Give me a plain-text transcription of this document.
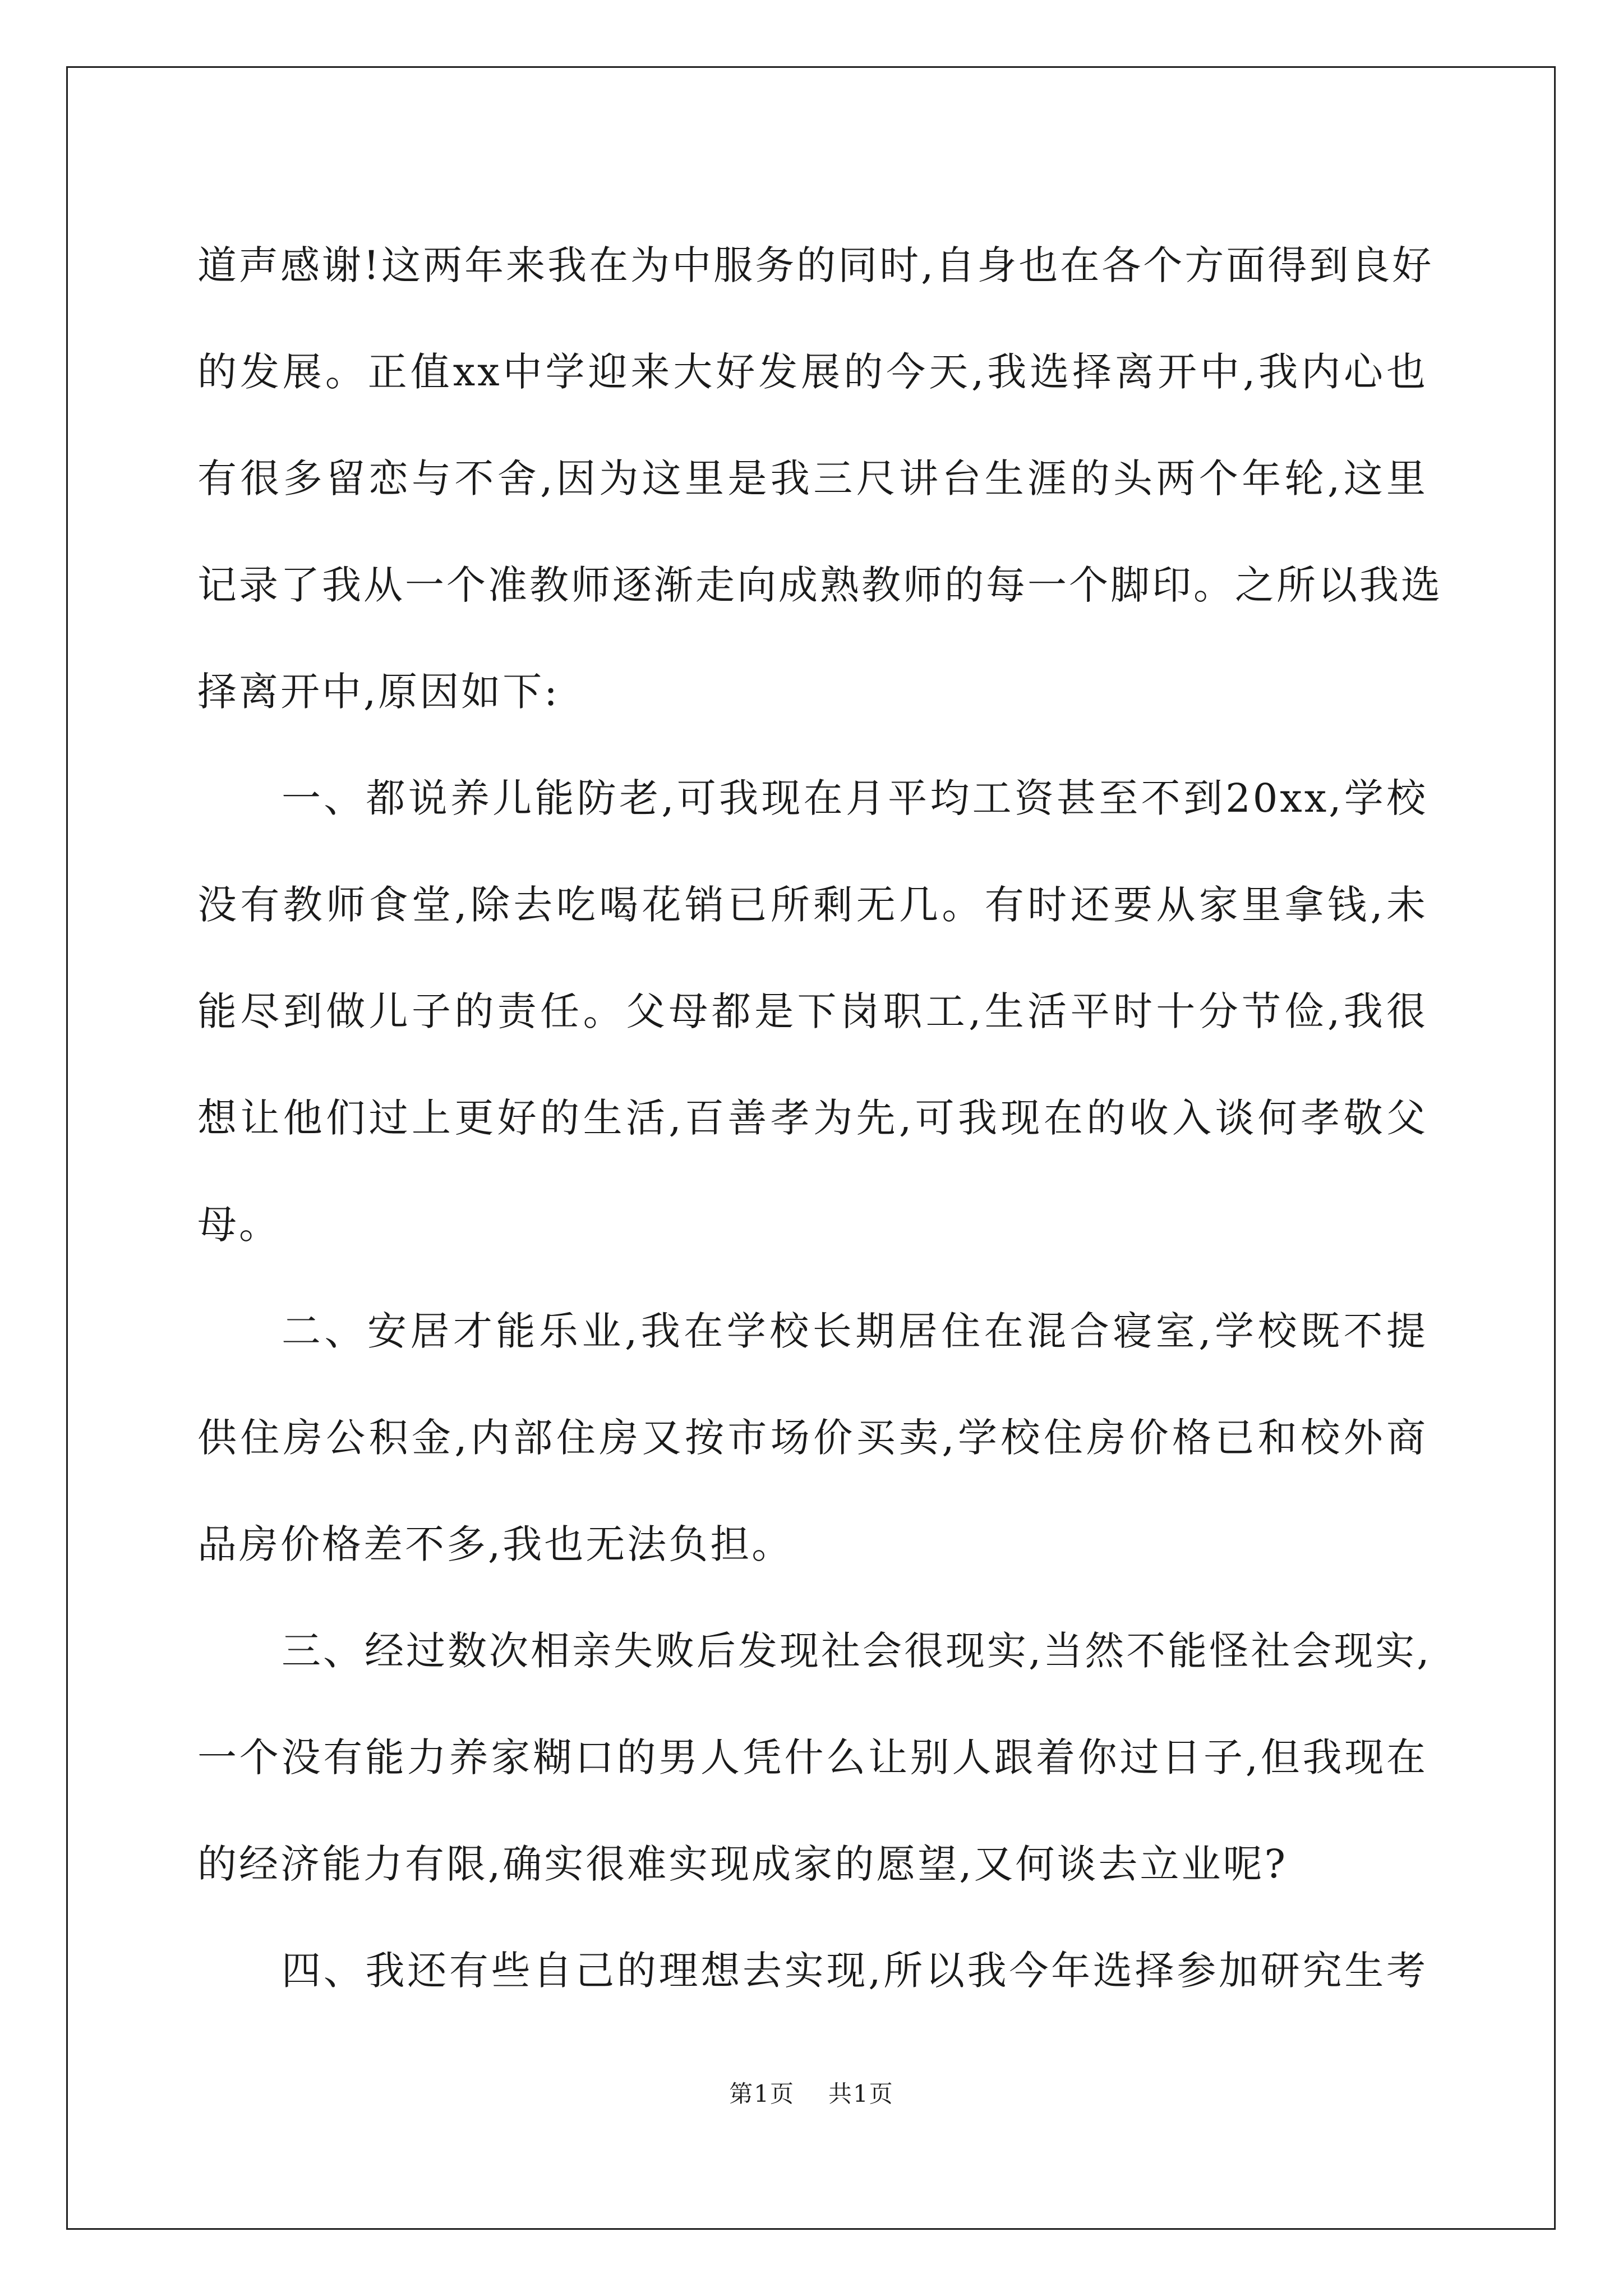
道声感谢!这两年来我在为中服务的同时,自身也在各个方面得到良好
的发展。正值xx中学迎来大好发展的今天,我选择离开中,我内心也
有很多留恋与不舍,因为这里是我三尺讲台生涯的头两个年轮,这里
记录了我从一个准教师逐渐走向成熟教师的每一个脚印。之所以我选
择离开中,原因如下:
一、都说养儿能防老,可我现在月平均工资甚至不到20xx,学校
没有教师食堂,除去吃喝花销已所剩无几。有时还要从家里拿钱,未
能尽到做儿子的责任。父母都是下岗职工,生活平时十分节俭,我很
想让他们过上更好的生活,百善孝为先,可我现在的收入谈何孝敬父
母。
二、安居才能乐业,我在学校长期居住在混合寝室,学校既不提
供住房公积金,内部住房又按市场价买卖,学校住房价格已和校外商
品房价格差不多,我也无法负担。
三、经过数次相亲失败后发现社会很现实,当然不能怪社会现实,
一个没有能力养家糊口的男人凭什么让别人跟着你过日子,但我现在
的经济能力有限,确实很难实现成家的愿望,又何谈去立业呢?
四、我还有些自己的理想去实现,所以我今年选择参加研究生考
第1页 共1页
